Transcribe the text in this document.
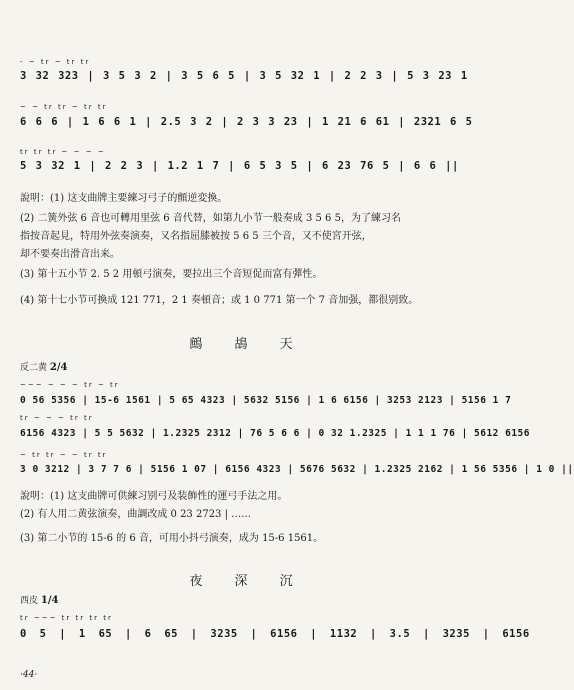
- ~ tr ~ tr tr
3 32 323 | 3 5 3 2 | 3 5 6 5 | 3 5 32 1 | 2 2 3 | 5 3 23 1
~ ~ tr tr ~ tr tr
6 6 6 | 1 6 6 1 | 2.5 3 2 | 2 3 3 23 | 1 21 6 61 | 2321 6 5
tr tr tr ~ ~ ~ ~
5 3 32 1 | 2 2 3 | 1.2 1 7 | 6 5 3 5 | 6 23 76 5 | 6 6 ||
說明：(1) 这支曲牌主要練习弓子的顫逆変換。
(2) 二簧外弦 6 音也可轉用里弦 6 音代替，如第九小节一般奏成 3 5 6 5，为了練习名
指按音起見，特用外弦奏演奏，又名指屈膝被按 5 6 5 三个音，又不使宮开弦，
却不要奏出滑音出来。
(3) 第十五小节 2. 5 2 用頓弓演奏，要拉出三个音短促而富有彈性。
(4) 第十七小节可換成 121 771，2 1 奏頓音；或 1 0 771 第一个 7 音加强，都很别致。
鷓 鴣 天
反二黄 2/4
~~~ ~ ~ ~ tr ~ tr
0 56 5356 | 15-6 1561 | 5 65 4323 | 5632 5156 | 1 6 6156 | 3253 2123 | 5156 1 7
tr ~ ~ ~ tr tr
6156 4323 | 5 5 5632 | 1.2325 2312 | 76 5 6 6 | 0 32 1.2325 | 1 1 1 76 | 5612 6156
~ tr tr ~ ~ tr tr
3 0 3212 | 3 7 7 6 | 5156 1 07 | 6156 4323 | 5676 5632 | 1.2325 2162 | 1 56 5356 | 1 0 ||
說明：(1) 这支曲牌可供練习别弓及装飾性的運弓手法之用。
(2) 有人用二黄弦演奏，曲調改成 0 23 2723 | ……
(3) 第二小节的 15-6 的 6 音，可用小抖弓演奏，成为 15-6 1561。
夜 深 沉
西皮 1/4
tr ~~~ tr tr tr tr
0 5 | 1 65 | 6 65 | 3235 | 6156 | 1132 | 3.5 | 3235 | 6156
·44·
